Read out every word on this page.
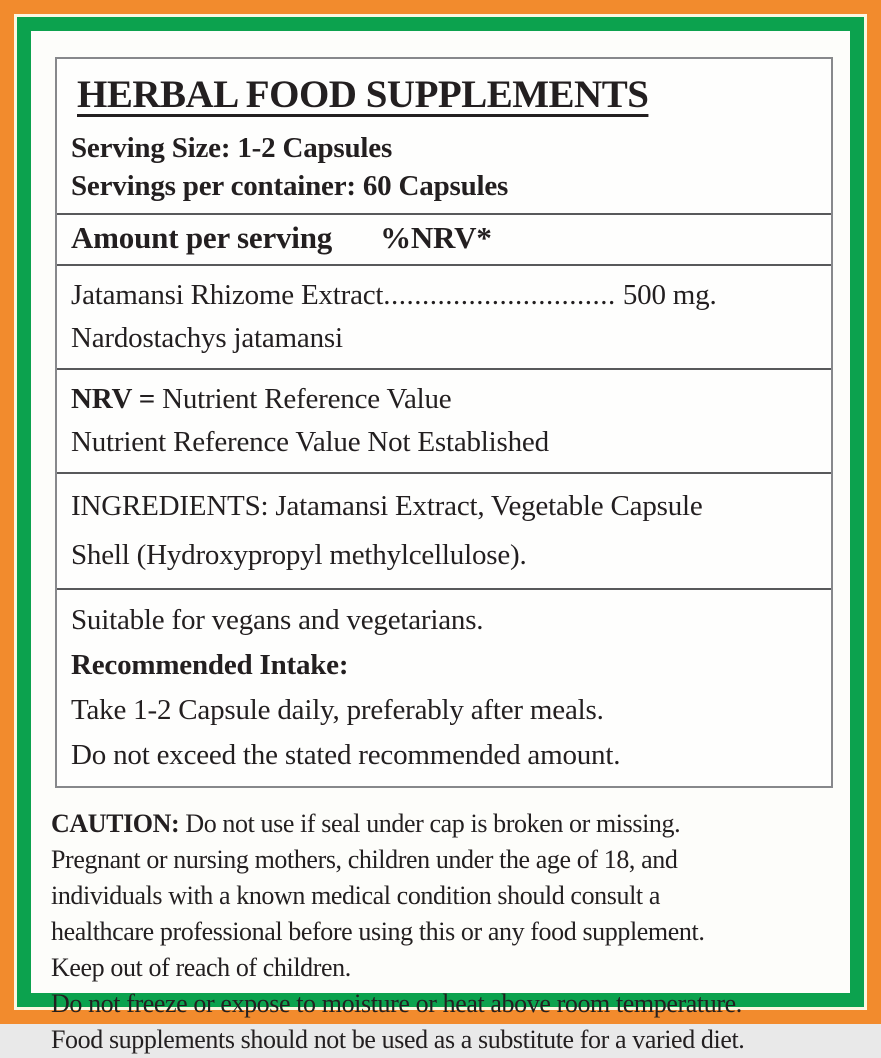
HERBAL FOOD SUPPLEMENTS
Serving Size: 1-2 Capsules
Servings per container: 60 Capsules
Amount per serving %NRV*
Jatamansi Rhizome Extract.............................. 500 mg.
Nardostachys jatamansi
NRV = Nutrient Reference Value
Nutrient Reference Value Not Established
INGREDIENTS: Jatamansi Extract, Vegetable Capsule
Shell (Hydroxypropyl methylcellulose).
Suitable for vegans and vegetarians.
Recommended Intake:
Take 1-2 Capsule daily, preferably after meals.
Do not exceed the stated recommended amount.
CAUTION: Do not use if seal under cap is broken or missing.
Pregnant or nursing mothers, children under the age of 18, and
individuals with a known medical condition should consult a
healthcare professional before using this or any food supplement.
Keep out of reach of children.
Do not freeze or expose to moisture or heat above room temperature.
Food supplements should not be used as a substitute for a varied diet.
